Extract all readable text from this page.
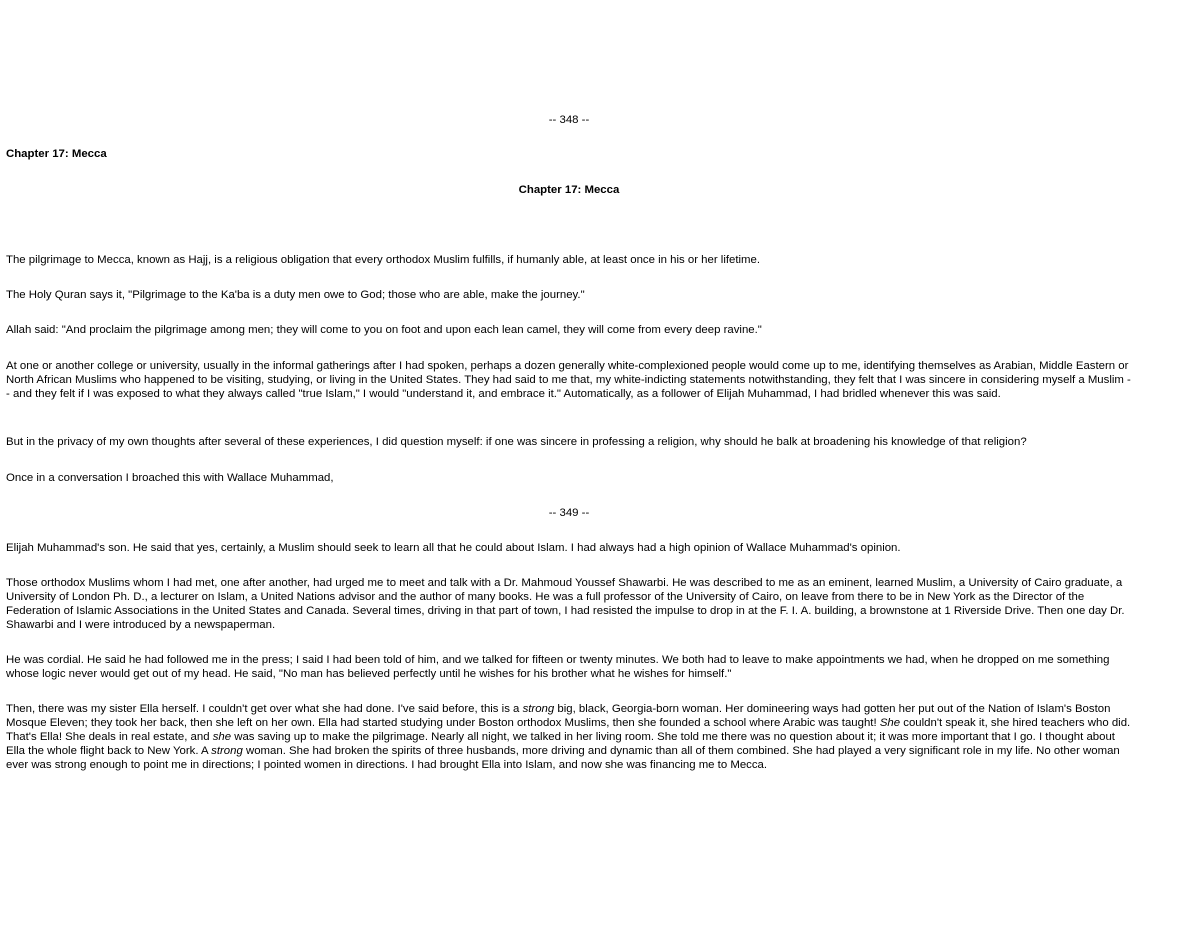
-- 348 --
Chapter 17: Mecca
Chapter 17: Mecca

The pilgrimage to Mecca, known as Hajj, is a religious obligation that every orthodox Muslim fulfills, if humanly able, at least once in his or her lifetime.

The Holy Quran says it, "Pilgrimage to the Ka'ba is a duty men owe to God; those who are able, make the journey."

Allah said: "And proclaim the pilgrimage among men; they will come to you on foot and upon each lean camel, they will come from every deep ravine."

At one or another college or university, usually in the informal gatherings after I had spoken, perhaps a dozen generally white-complexioned people would come up to me, identifying themselves as Arabian, Middle Eastern or North African Muslims who happened to be visiting, studying, or living in the United States. They had said to me that, my white-indicting statements notwithstanding, they felt that I was sincere in considering myself a Muslim -- and they felt if I was exposed to what they always called "true Islam," I would "understand it, and embrace it." Automatically, as a follower of Elijah Muhammad, I had bridled whenever this was said.

But in the privacy of my own thoughts after several of these experiences, I did question myself: if one was sincere in professing a religion, why should he balk at broadening his knowledge of that religion?

Once in a conversation I broached this with Wallace Muhammad,

-- 349 --

Elijah Muhammad's son. He said that yes, certainly, a Muslim should seek to learn all that he could about Islam. I had always had a high opinion of Wallace Muhammad's opinion.

Those orthodox Muslims whom I had met, one after another, had urged me to meet and talk with a Dr. Mahmoud Youssef Shawarbi. He was described to me as an eminent, learned Muslim, a University of Cairo graduate, a University of London Ph. D., a lecturer on Islam, a United Nations advisor and the author of many books. He was a full professor of the University of Cairo, on leave from there to be in New York as the Director of the Federation of Islamic Associations in the United States and Canada. Several times, driving in that part of town, I had resisted the impulse to drop in at the F. I. A. building, a brownstone at 1 Riverside Drive. Then one day Dr. Shawarbi and I were introduced by a newspaperman.

He was cordial. He said he had followed me in the press; I said I had been told of him, and we talked for fifteen or twenty minutes. We both had to leave to make appointments we had, when he dropped on me something whose logic never would get out of my head. He said, "No man has believed perfectly until he wishes for his brother what he wishes for himself."

Then, there was my sister Ella herself. I couldn't get over what she had done. I've said before, this is a strong big, black, Georgia-born woman. Her domineering ways had gotten her put out of the Nation of Islam's Boston Mosque Eleven; they took her back, then she left on her own. Ella had started studying under Boston orthodox Muslims, then she founded a school where Arabic was taught! She couldn't speak it, she hired teachers who did. That's Ella! She deals in real estate, and she was saving up to make the pilgrimage. Nearly all night, we talked in her living room. She told me there was no question about it; it was more important that I go. I thought about Ella the whole flight back to New York. A strong woman. She had broken the spirits of three husbands, more driving and dynamic than all of them combined. She had played a very significant role in my life. No other woman ever was strong enough to point me in directions; I pointed women in directions. I had brought Ella into Islam, and now she was financing me to Mecca.
